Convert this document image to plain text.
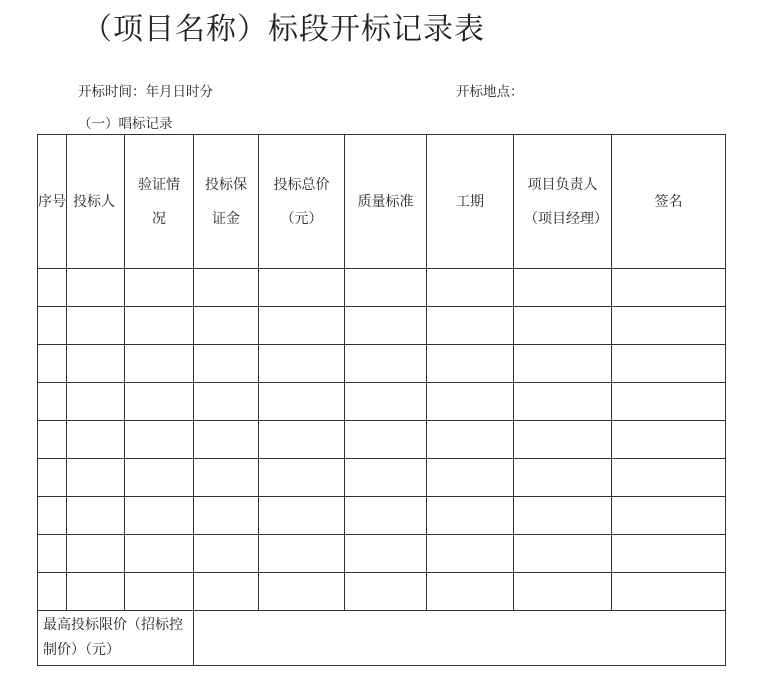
（项目名称）标段开标记录表
开标时间：年月日时分	开标地点：
（一）唱标记录
序号	投标人	验证情况	投标保证金	投标总价（元）	质量标准	工期	项目负责人（项目经理）	签名

最高投标限价（招标控制价）（元）								
